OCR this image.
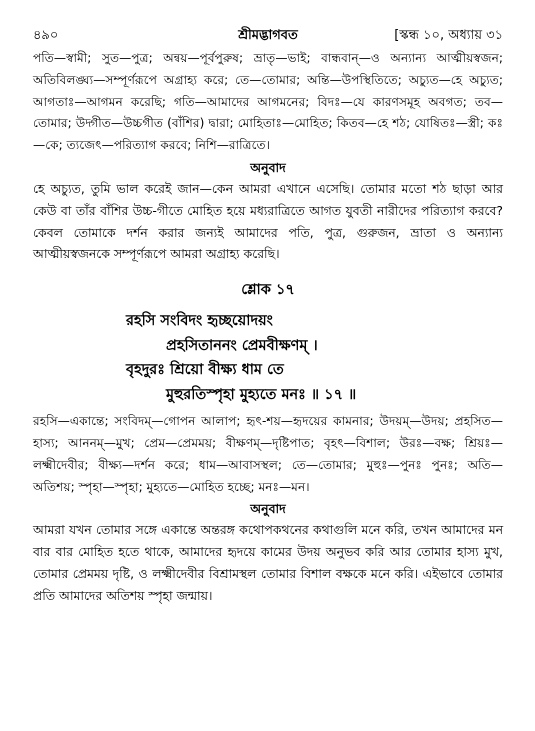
৪৯০	শ্রীমদ্ভাগবত	[স্কন্ধ ১০, অধ্যায় ৩১

পতি—স্বামী; সুত—পুত্র; অন্বয়—পূর্বপুরুষ; ভ্রাতৃ—ভাই; বান্ধবান্—ও অন্যান্য আত্মীয়স্বজন; অতিবিলঙ্ঘ্য—সম্পূর্ণরূপে অগ্রাহ্য করে; তে—তোমার; অন্তি—উপস্থিতিতে; অচ্যুত—হে অচ্যুত; আগতাঃ—আগমন করেছি; গতি—আমাদের আগমনের; বিদঃ—যে কারণসমূহ অবগত; তব—তোমার; উদ্গীত—উচ্চগীত (বাঁশির) দ্বারা; মোহিতাঃ—মোহিত; কিতব—হে শঠ; যোষিতঃ—স্ত্রী; কঃ—কে; ত্যজেৎ—পরিত্যাগ করবে; নিশি—রাত্রিতে।

অনুবাদ

হে অচ্যুত, তুমি ভাল করেই জান—কেন আমরা এখানে এসেছি। তোমার মতো শঠ ছাড়া আর কেউ বা তাঁর বাঁশির উচ্চ-গীতে মোহিত হয়ে মধ্যরাত্রিতে আগত যুবতী নারীদের পরিত্যাগ করবে? কেবল তোমাকে দর্শন করার জন্যই আমাদের পতি, পুত্র, গুরুজন, ভ্রাতা ও অন্যান্য আত্মীয়স্বজনকে সম্পূর্ণরূপে আমরা অগ্রাহ্য করেছি।

শ্লোক ১৭
রহসি সংবিদং হৃচ্ছয়োদয়ং
প্রহসিতাননং প্রেমবীক্ষণম্ ।
বৃহদুরঃ শ্রিয়ো বীক্ষ্য ধাম তে
মুহুরতিস্পৃহা মুহ্যতে মনঃ ॥ ১৭ ॥

রহসি—একান্তে; সংবিদম্—গোপন আলাপ; হৃৎ-শয়—হৃদয়ের কামনার; উদয়ম্—উদয়; প্রহসিত—হাস্য; আননম্—মুখ; প্রেম—প্রেমময়; বীক্ষণম্—দৃষ্টিপাত; বৃহৎ—বিশাল; উরঃ—বক্ষ; শ্রিয়ঃ—লক্ষ্মীদেবীর; বীক্ষ্য—দর্শন করে; ধাম—আবাসস্থল; তে—তোমার; মুহুঃ—পুনঃ পুনঃ; অতি—অতিশয়; স্পৃহা—স্পৃহা; মুহ্যতে—মোহিত হচ্ছে; মনঃ—মন।

অনুবাদ

আমরা যখন তোমার সঙ্গে একান্তে অন্তরঙ্গ কথোপকথনের কথাগুলি মনে করি, তখন আমাদের মন বার বার মোহিত হতে থাকে, আমাদের হৃদয়ে কামের উদয় অনুভব করি আর তোমার হাস্য মুখ, তোমার প্রেমময় দৃষ্টি, ও লক্ষ্মীদেবীর বিশ্রামস্থল তোমার বিশাল বক্ষকে মনে করি। এইভাবে তোমার প্রতি আমাদের অতিশয় স্পৃহা জন্মায়।
